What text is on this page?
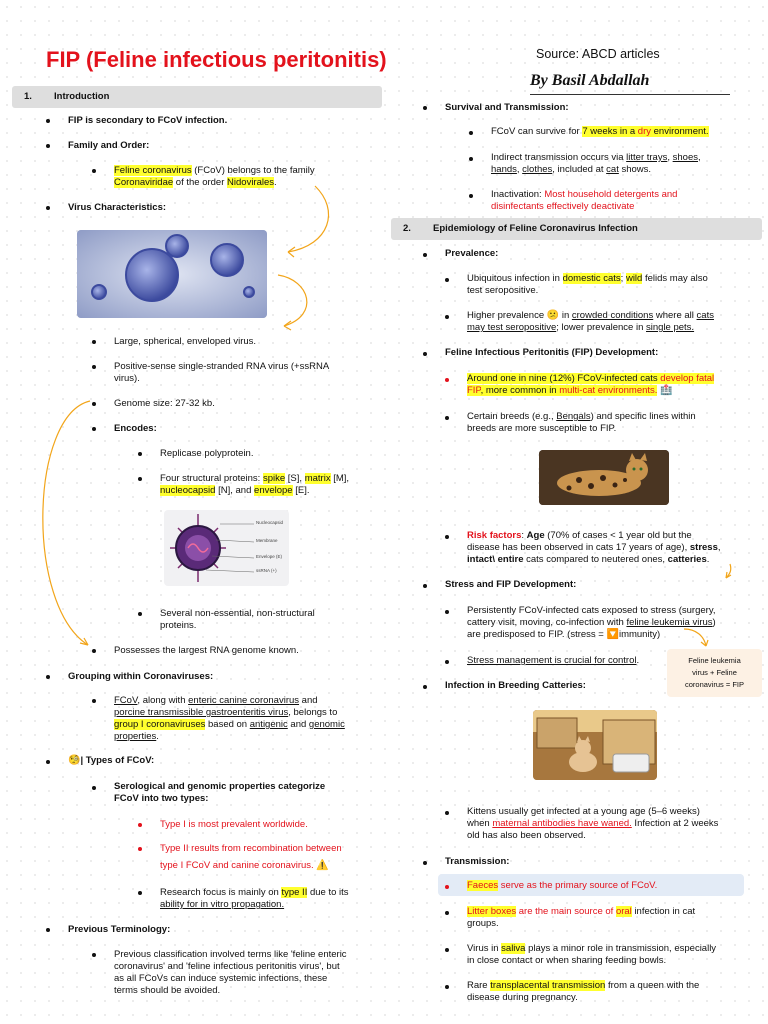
FIP (Feline infectious peritonitis)	Source: ABCD articles
By Basil Abdallah
1. Introduction
FIP is secondary to FCoV infection.
Family and Order:
Feline coronavirus (FCoV) belongs to the family
Coronaviridae of the order Nidovirales.
Virus Characteristics:
Large, spherical, enveloped virus.
Positive-sense single-stranded RNA virus (+ssRNA
virus).
Genome size: 27-32 kb.
Encodes:
Replicase polyprotein.
Four structural proteins: spike [S], matrix [M],
nucleocapsid [N], and envelope [E].
Nucleocapsid
Membrane
Envelope (E)
ssRNA (+)
Several non-essential, non-structural
proteins.
Possesses the largest RNA genome known.
Grouping within Coronaviruses:
FCoV, along with enteric canine coronavirus and
porcine transmissible gastroenteritis virus, belongs to
group I coronaviruses based on antigenic and genomic
properties.
🧐| Types of FCoV:
Serological and genomic properties categorize
FCoV into two types:
Type I is most prevalent worldwide.
Type II results from recombination between
type I FCoV and canine coronavirus. ⚠️
Research focus is mainly on type II due to its
ability for in vitro propagation.
Previous Terminology:
Previous classification involved terms like 'feline enteric
coronavirus' and 'feline infectious peritonitis virus', but
as all FCoVs can induce systemic infections, these
terms should be avoided.
Survival and Transmission:
FCoV can survive for 7 weeks in a dry environment.
Indirect transmission occurs via litter trays, shoes,
hands, clothes, included at cat shows.
Inactivation: Most household detergents and
disinfectants effectively deactivate
2. Epidemiology of Feline Coronavirus Infection
Prevalence:
Ubiquitous infection in domestic cats; wild felids may also
test seropositive.
Higher prevalence 😕 in crowded conditions where all cats
may test seropositive; lower prevalence in single pets.
Feline Infectious Peritonitis (FIP) Development:
Around one in nine (12%) FCoV-infected cats develop fatal
FIP, more common in multi-cat environments. 🏥
Certain breeds (e.g., Bengals) and specific lines within
breeds are more susceptible to FIP.
Risk factors: Age (70% of cases < 1 year old but the
disease has been observed in cats 17 years of age), stress,
intact\ entire cats compared to neutered ones, catteries.
Stress and FIP Development:
Persistently FCoV-infected cats exposed to stress (surgery,
cattery visit, moving, co-infection with feline leukemia virus)
are predisposed to FIP. (stress = 🔽immunity)
Stress management is crucial for control.	Feline leukemia
virus + Feline
coronavirus = FIP
Infection in Breeding Catteries:
Kittens usually get infected at a young age (5–6 weeks)
when maternal antibodies have waned. Infection at 2 weeks
old has also been observed.
Transmission:
Faeces serve as the primary source of FCoV.
Litter boxes are the main source of oral infection in cat
groups.
Virus in saliva plays a minor role in transmission, especially
in close contact or when sharing feeding bowls.
Rare transplacental transmission from a queen with the
disease during pregnancy.
